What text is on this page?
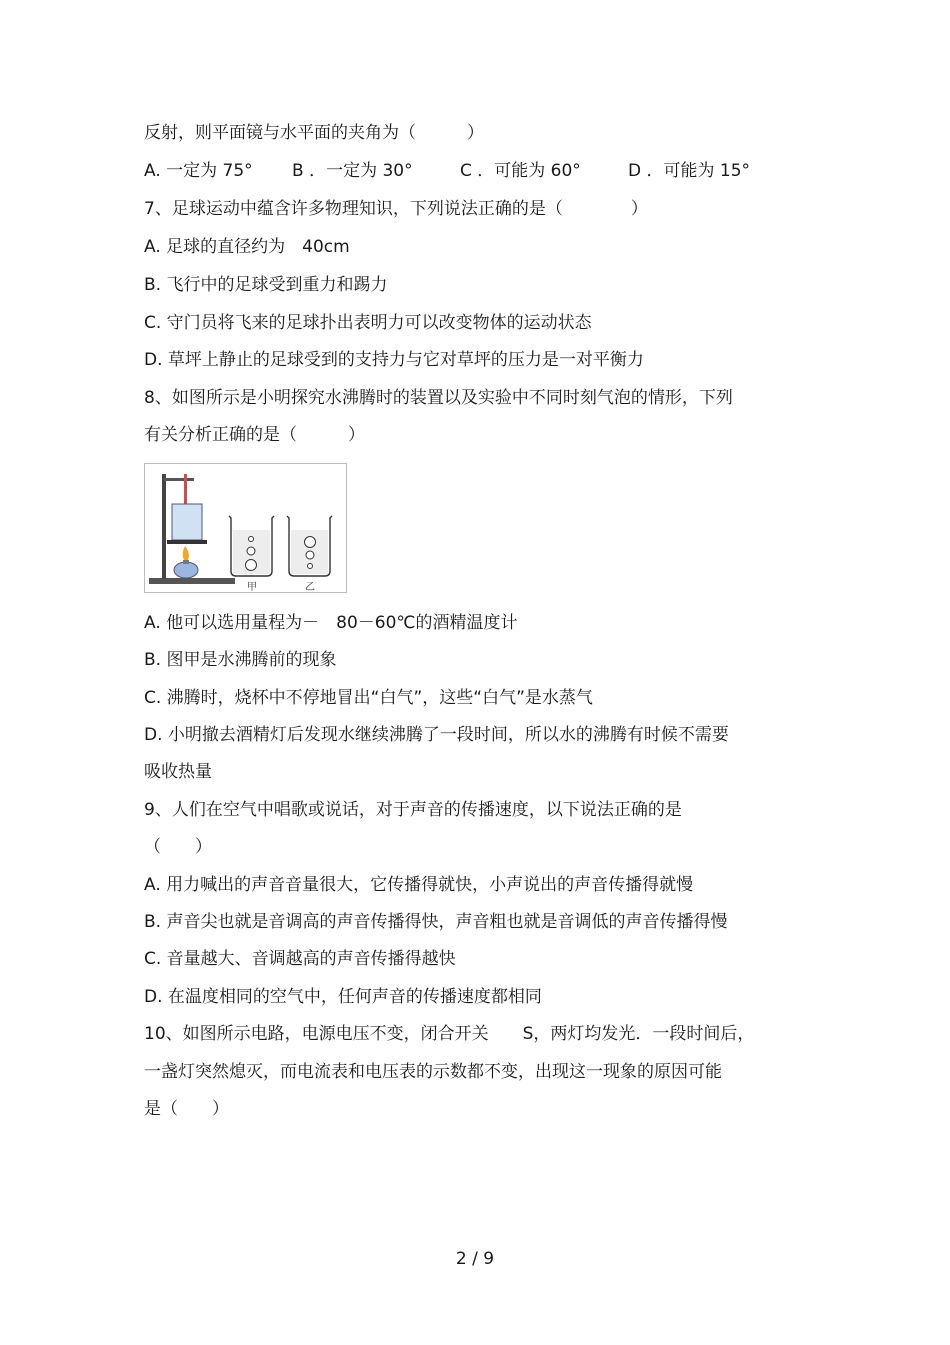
反射，则平面镜与水平面的夹角为（　　　）
A. 一定为 75° B ．一定为 30°	C ．可能为 60°	D ．可能为 15°
7、足球运动中蕴含许多物理知识，下列说法正确的是（　　　　）
A. 足球的直径约为　40cm
B. 飞行中的足球受到重力和踢力
C. 守门员将飞来的足球扑出表明力可以改变物体的运动状态
D. 草坪上静止的足球受到的支持力与它对草坪的压力是一对平衡力
8、如图所示是小明探究水沸腾时的装置以及实验中不同时刻气泡的情形，下列
有关分析正确的是（　　　）
甲	乙
A. 他可以选用量程为－　80－60℃的酒精温度计
B. 图甲是水沸腾前的现象
C. 沸腾时，烧杯中不停地冒出“白气”，这些“白气”是水蒸气
D. 小明撤去酒精灯后发现水继续沸腾了一段时间，所以水的沸腾有时候不需要
吸收热量
9、人们在空气中唱歌或说话，对于声音的传播速度，以下说法正确的是
（　　）
A. 用力喊出的声音音量很大，它传播得就快，小声说出的声音传播得就慢
B. 声音尖也就是音调高的声音传播得快，声音粗也就是音调低的声音传播得慢
C. 音量越大、音调越高的声音传播得越快
D. 在温度相同的空气中，任何声音的传播速度都相同
10、如图所示电路，电源电压不变，闭合开关　　S，两灯均发光．一段时间后，
一盏灯突然熄灭，而电流表和电压表的示数都不变，出现这一现象的原因可能
是（　　）
2 / 9
